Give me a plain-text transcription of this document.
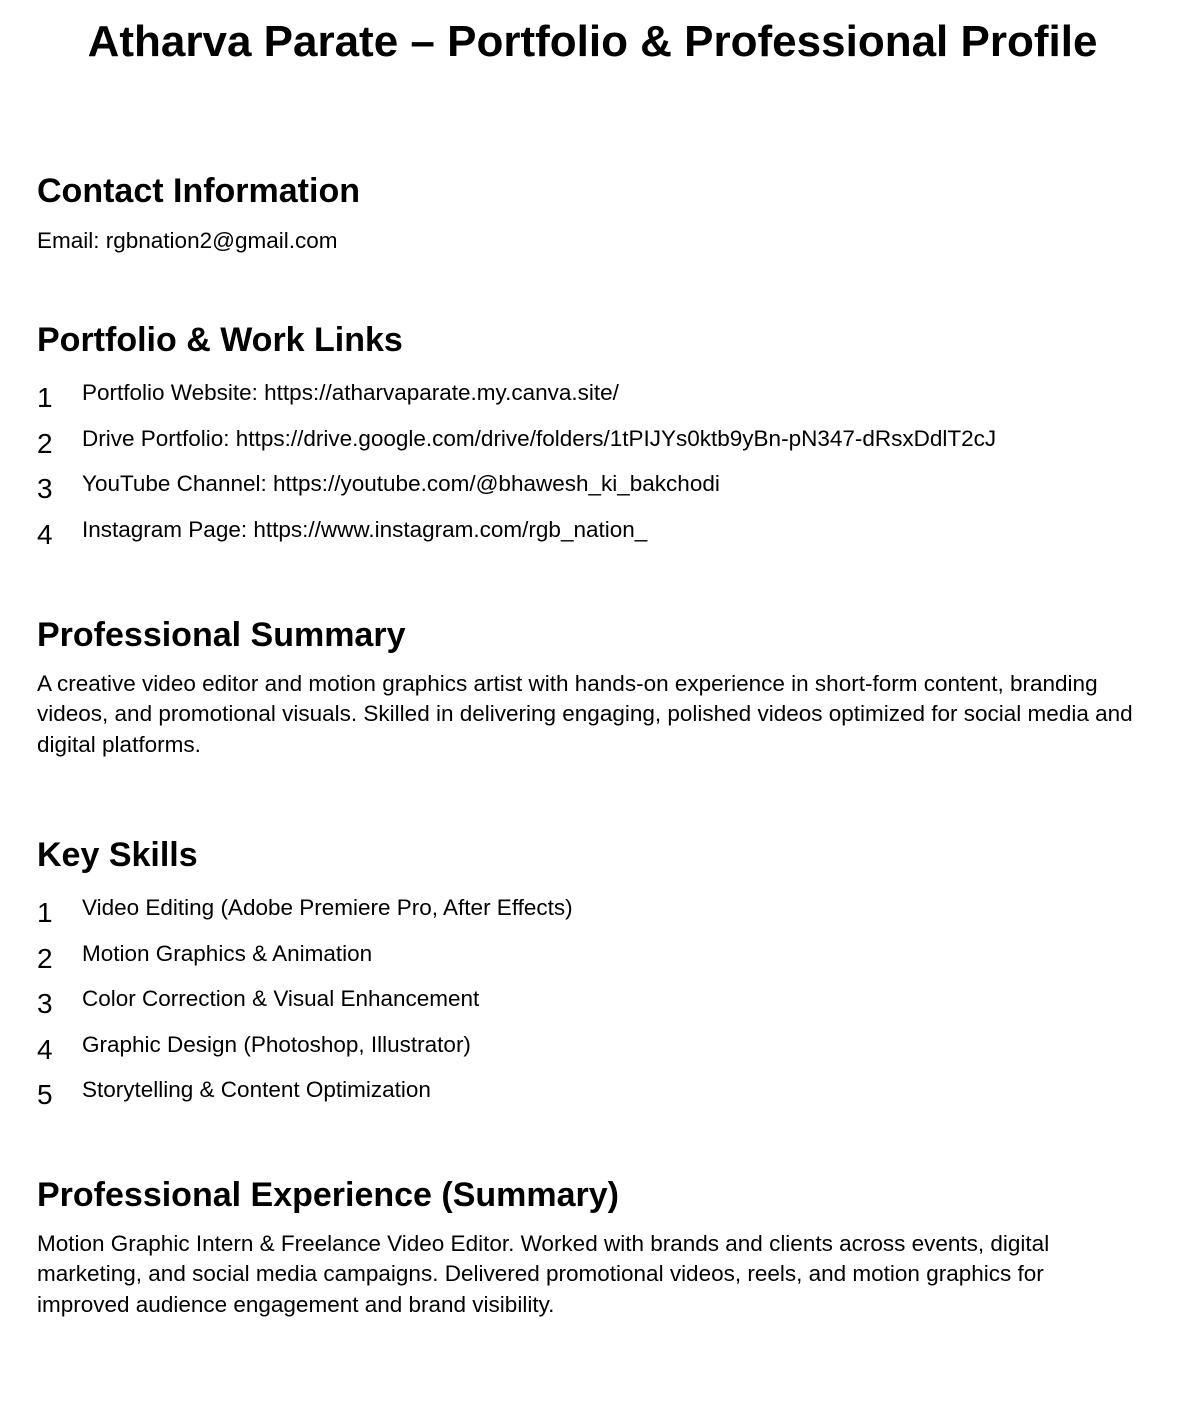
Atharva Parate – Portfolio & Professional Profile
Contact Information

Email: rgbnation2@gmail.com

Portfolio & Work Links
1 Portfolio Website: https://atharvaparate.my.canva.site/
2 Drive Portfolio: https://drive.google.com/drive/folders/1tPIJYs0ktb9yBn-pN347-dRsxDdlT2cJ
3 YouTube Channel: https://youtube.com/@bhawesh_ki_bakchodi
4 Instagram Page: https://www.instagram.com/rgb_nation_
Professional Summary

A creative video editor and motion graphics artist with hands-on experience in short-form content, branding videos, and promotional visuals. Skilled in delivering engaging, polished videos optimized for social media and digital platforms.

Key Skills
1 Video Editing (Adobe Premiere Pro, After Effects)
2 Motion Graphics & Animation
3 Color Correction & Visual Enhancement
4 Graphic Design (Photoshop, Illustrator)
5 Storytelling & Content Optimization
Professional Experience (Summary)

Motion Graphic Intern & Freelance Video Editor. Worked with brands and clients across events, digital marketing, and social media campaigns. Delivered promotional videos, reels, and motion graphics for improved audience engagement and brand visibility.
